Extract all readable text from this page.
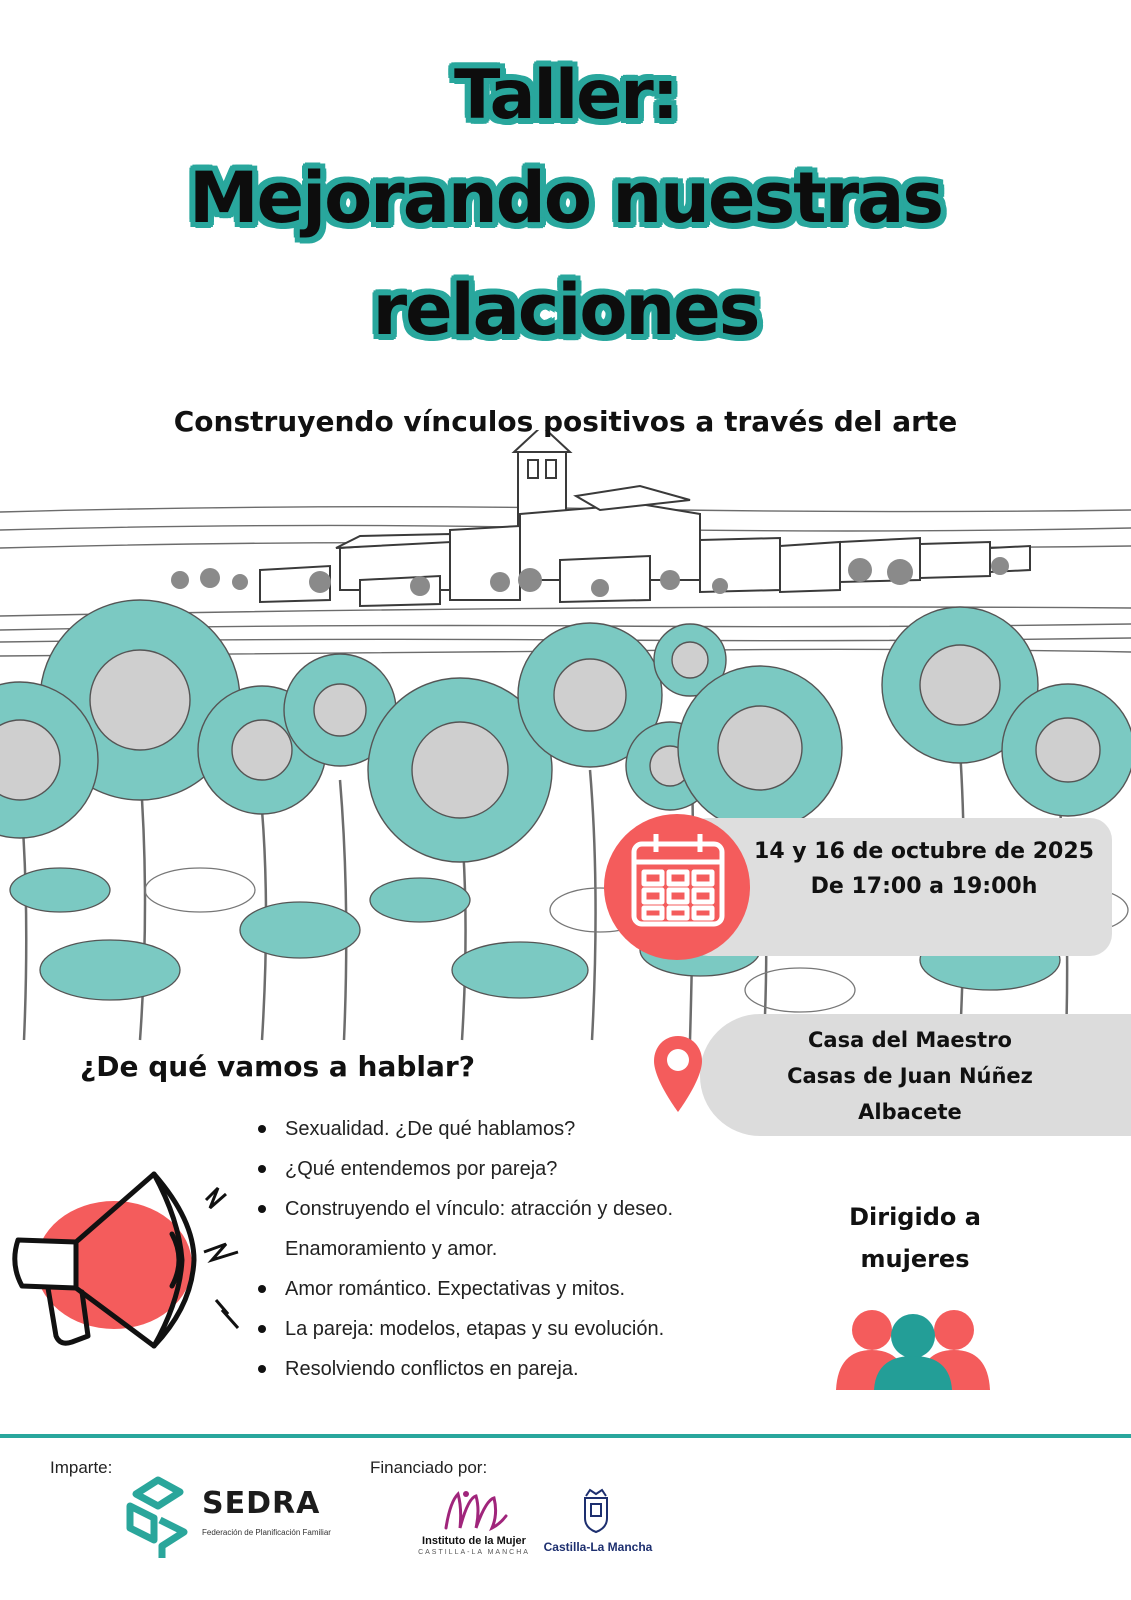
Taller:
Mejorando nuestras
relaciones
Construyendo vínculos positivos a través del arte
14 y 16 de octubre de 2025
De 17:00 a 19:00h
Casa del Maestro
Casas de Juan Núñez
Albacete
¿De qué vamos a hablar?
Sexualidad. ¿De qué hablamos?
¿Qué entendemos por pareja?
Construyendo el vínculo: atracción y deseo. Enamoramiento y amor.
Amor romántico. Expectativas y mitos.
La pareja: modelos, etapas y su evolución.
Resolviendo conflictos en pareja.
Dirigido a
mujeres
Imparte:	Financiado por:
SEDRA
Federación de Planificación Familiar
Instituto de la Mujer
CASTILLA-LA MANCHA	Castilla-La Mancha
